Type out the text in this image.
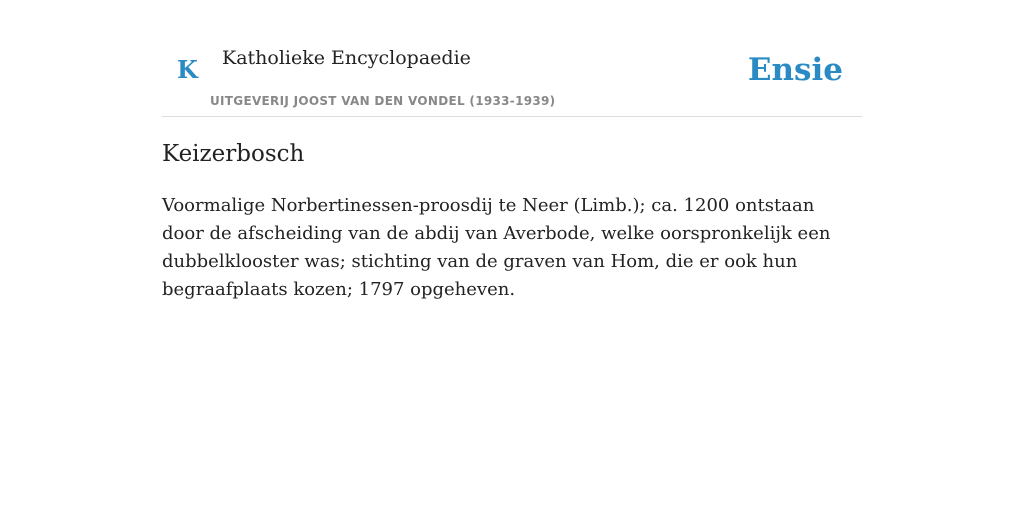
K Katholieke Encyclopaedie
UITGEVERIJ JOOST VAN DEN VONDEL (1933-1939)
Ensie
Keizerbosch

Voormalige Norbertinessen-proosdij te Neer (Limb.); ca. 1200 ontstaan door de afscheiding van de abdij van Averbode, welke oorspronkelijk een dubbelklooster was; stichting van de graven van Hom, die er ook hun begraafplaats kozen; 1797 opgeheven.
